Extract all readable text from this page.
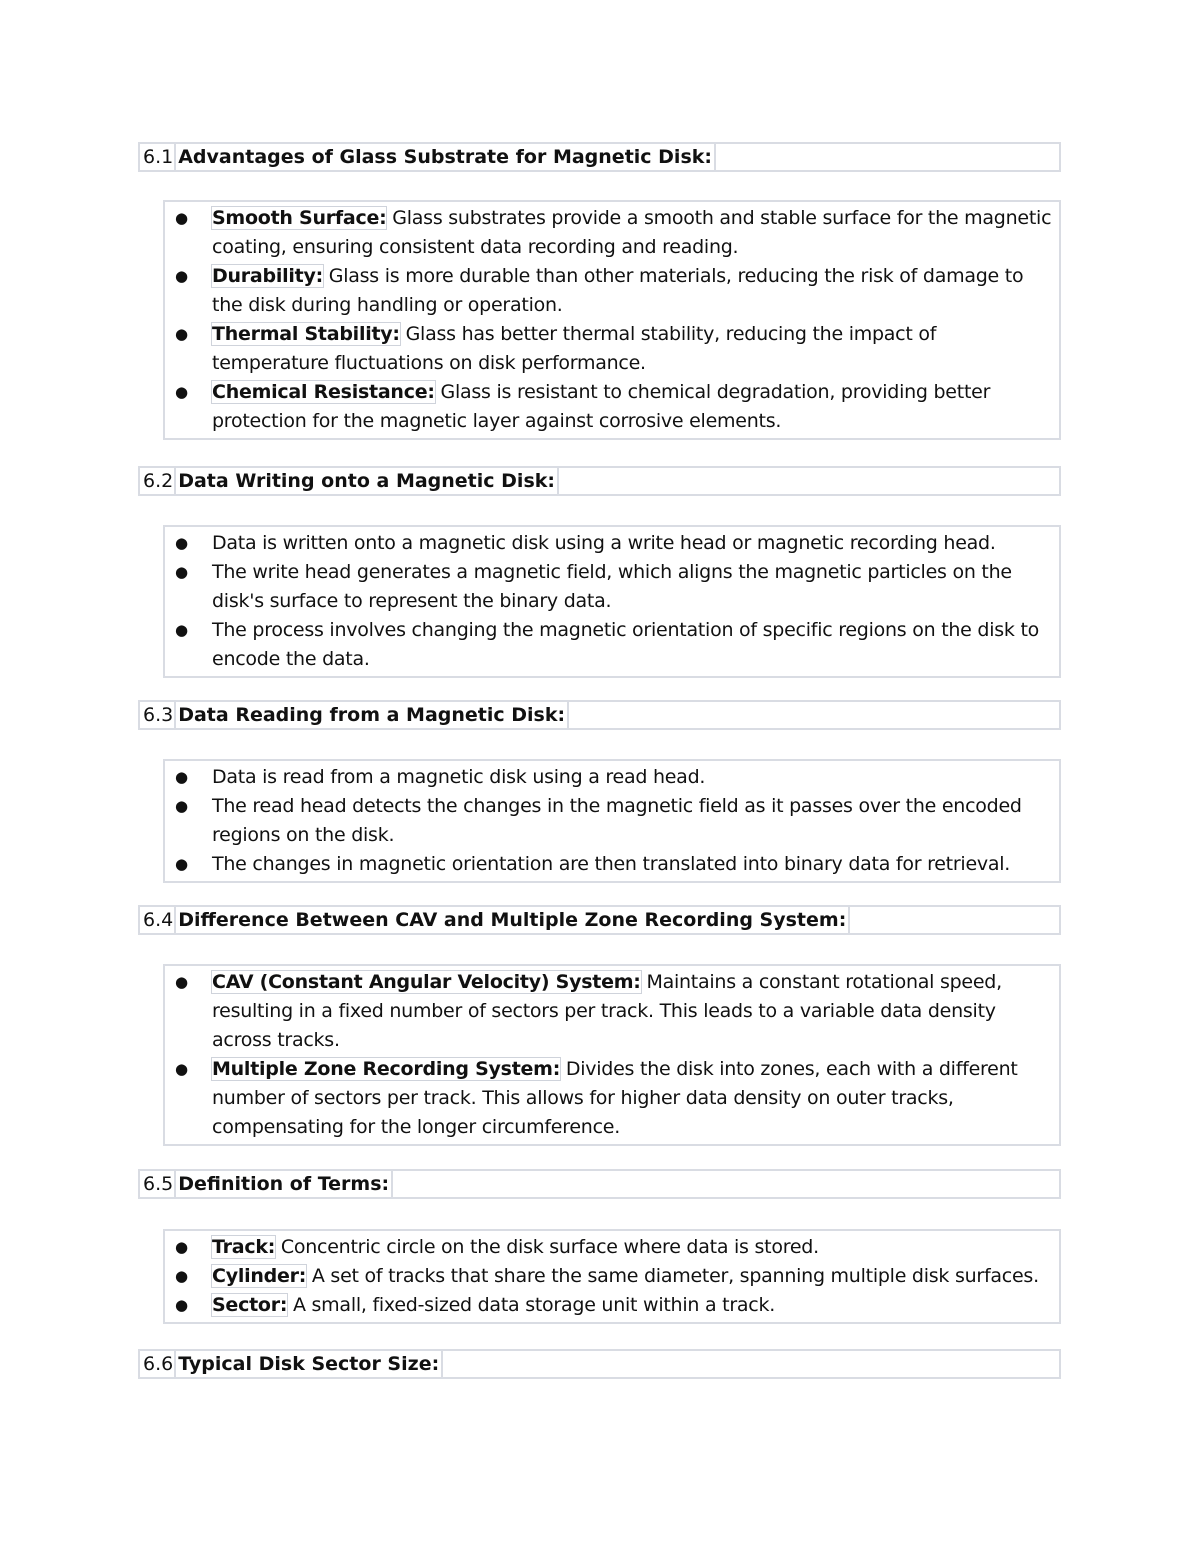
6.1 Advantages of Glass Substrate for Magnetic Disk:
● Smooth Surface: Glass substrates provide a smooth and stable surface for the magnetic coating, ensuring consistent data recording and reading.
● Durability: Glass is more durable than other materials, reducing the risk of damage to the disk during handling or operation.
● Thermal Stability: Glass has better thermal stability, reducing the impact of temperature fluctuations on disk performance.
● Chemical Resistance: Glass is resistant to chemical degradation, providing better protection for the magnetic layer against corrosive elements.
6.2 Data Writing onto a Magnetic Disk:
● Data is written onto a magnetic disk using a write head or magnetic recording head.
● The write head generates a magnetic field, which aligns the magnetic particles on the disk's surface to represent the binary data.
● The process involves changing the magnetic orientation of specific regions on the disk to encode the data.
6.3 Data Reading from a Magnetic Disk:
● Data is read from a magnetic disk using a read head.
● The read head detects the changes in the magnetic field as it passes over the encoded regions on the disk.
● The changes in magnetic orientation are then translated into binary data for retrieval.
6.4 Difference Between CAV and Multiple Zone Recording System:
● CAV (Constant Angular Velocity) System: Maintains a constant rotational speed, resulting in a fixed number of sectors per track. This leads to a variable data density across tracks.
● Multiple Zone Recording System: Divides the disk into zones, each with a different number of sectors per track. This allows for higher data density on outer tracks, compensating for the longer circumference.
6.5 Definition of Terms:
● Track: Concentric circle on the disk surface where data is stored.
● Cylinder: A set of tracks that share the same diameter, spanning multiple disk surfaces.
● Sector: A small, fixed-sized data storage unit within a track.
6.6 Typical Disk Sector Size:
